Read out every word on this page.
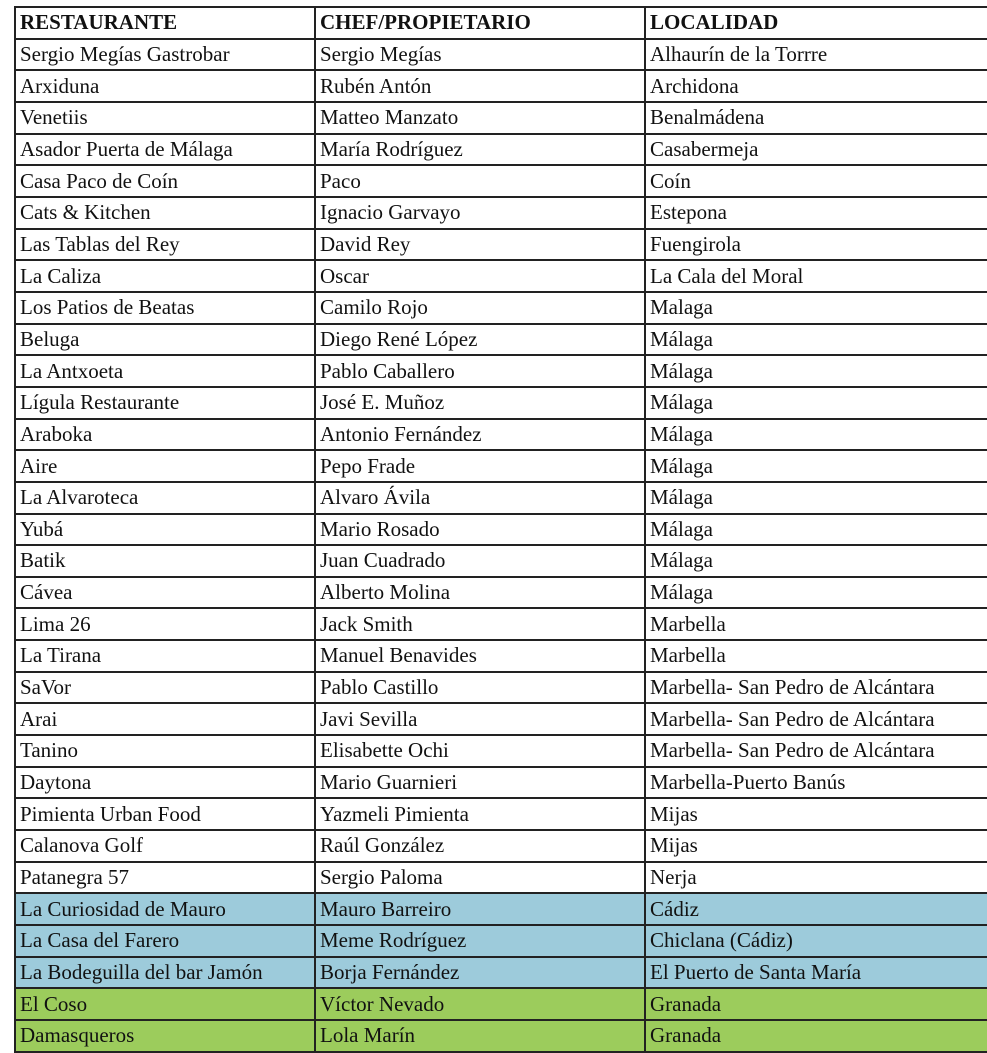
RESTAURANTE	CHEF/PROPIETARIO	LOCALIDAD
Sergio Megías Gastrobar	Sergio Megías	Alhaurín de la Torrre
Arxiduna	Rubén Antón	Archidona
Venetiis	Matteo Manzato	Benalmádena
Asador Puerta de Málaga	María Rodríguez	Casabermeja
Casa Paco de Coín	Paco	Coín
Cats & Kitchen	Ignacio Garvayo	Estepona
Las Tablas del Rey	David Rey	Fuengirola
La Caliza	Oscar	La Cala del Moral
Los Patios de Beatas	Camilo Rojo	Malaga
Beluga	Diego René López	Málaga
La Antxoeta	Pablo Caballero	Málaga
Lígula Restaurante	José E. Muñoz	Málaga
Araboka	Antonio Fernández	Málaga
Aire	Pepo Frade	Málaga
La Alvaroteca	Alvaro Ávila	Málaga
Yubá	Mario Rosado	Málaga
Batik	Juan Cuadrado	Málaga
Cávea	Alberto Molina	Málaga
Lima 26	Jack Smith	Marbella
La Tirana	Manuel Benavides	Marbella
SaVor	Pablo Castillo	Marbella- San Pedro de Alcántara
Arai	Javi Sevilla	Marbella- San Pedro de Alcántara
Tanino	Elisabette Ochi	Marbella- San Pedro de Alcántara
Daytona	Mario Guarnieri	Marbella-Puerto Banús
Pimienta Urban Food	Yazmeli Pimienta	Mijas
Calanova Golf	Raúl González	Mijas
Patanegra 57	Sergio Paloma	Nerja
La Curiosidad de Mauro	Mauro Barreiro	Cádiz
La Casa del Farero	Meme Rodríguez	Chiclana (Cádiz)
La Bodeguilla del bar Jamón	Borja Fernández	El Puerto de Santa María
El Coso	Víctor Nevado	Granada
Damasqueros	Lola Marín	Granada
